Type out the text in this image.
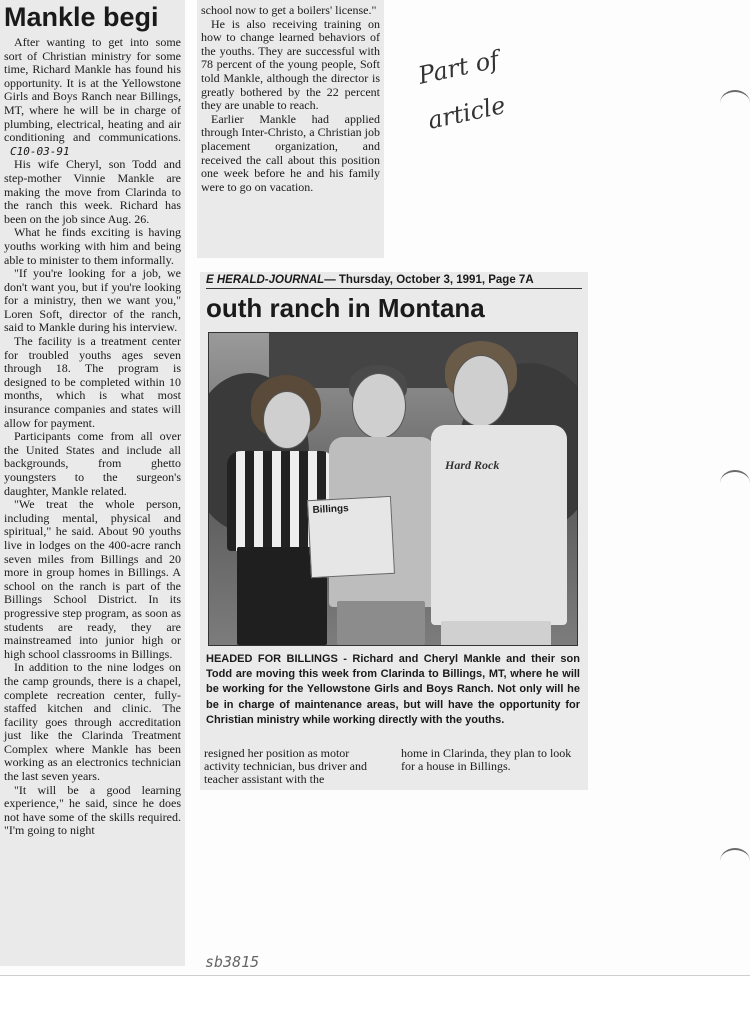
Mankle begi

After wanting to get into some sort of Christian ministry for some time, Richard Mankle has found his opportunity. It is at the Yellowstone Girls and Boys Ranch near Billings, MT, where he will be in charge of plumbing, electrical, heating and air conditioning and communications. C10-03-91

His wife Cheryl, son Todd and step-mother Vinnie Mankle are making the move from Clarinda to the ranch this week. Richard has been on the job since Aug. 26.

What he finds exciting is having youths working with him and being able to minister to them informally.

"If you're looking for a job, we don't want you, but if you're looking for a ministry, then we want you," Loren Soft, director of the ranch, said to Mankle during his interview.

The facility is a treatment center for troubled youths ages seven through 18. The program is designed to be completed within 10 months, which is what most insurance companies and states will allow for payment.

Participants come from all over the United States and include all backgrounds, from ghetto youngsters to the surgeon's daughter, Mankle related.

"We treat the whole person, including mental, physical and spiritual," he said. About 90 youths live in lodges on the 400-acre ranch seven miles from Billings and 20 more in group homes in Billings. A school on the ranch is part of the Billings School District. In its progressive step program, as soon as students are ready, they are mainstreamed into junior high or high school classrooms in Billings.

In addition to the nine lodges on the camp grounds, there is a chapel, complete recreation center, fully-staffed kitchen and clinic. The facility goes through accreditation just like the Clarinda Treatment Complex where Mankle has been working as an electronics technician the last seven years.

"It will be a good learning experience," he said, since he does not have some of the skills required. "I'm going to night

school now to get a boilers' license."

He is also receiving training on how to change learned behaviors of the youths. They are successful with 78 percent of the young people, Soft told Mankle, although the director is greatly bothered by the 22 percent they are unable to reach.

Earlier Mankle had applied through Inter-Christo, a Christian job placement organization, and received the call about this position one week before he and his family were to go on vacation.

E HERALD-JOURNAL— Thursday, October 3, 1991, Page 7A
outh ranch in Montana
Billings
Hard Rock
HEADED FOR BILLINGS - Richard and Cheryl Mankle and their son Todd are moving this week from Clarinda to Billings, MT, where he will be working for the Yellowstone Girls and Boys Ranch. Not only will he be in charge of maintenance areas, but will have the opportunity for Christian ministry while working directly with the youths.
resigned her position as motor activity technician, bus driver and teacher assistant with the
home in Clarinda, they plan to look for a house in Billings.
Part of article
sb3815
